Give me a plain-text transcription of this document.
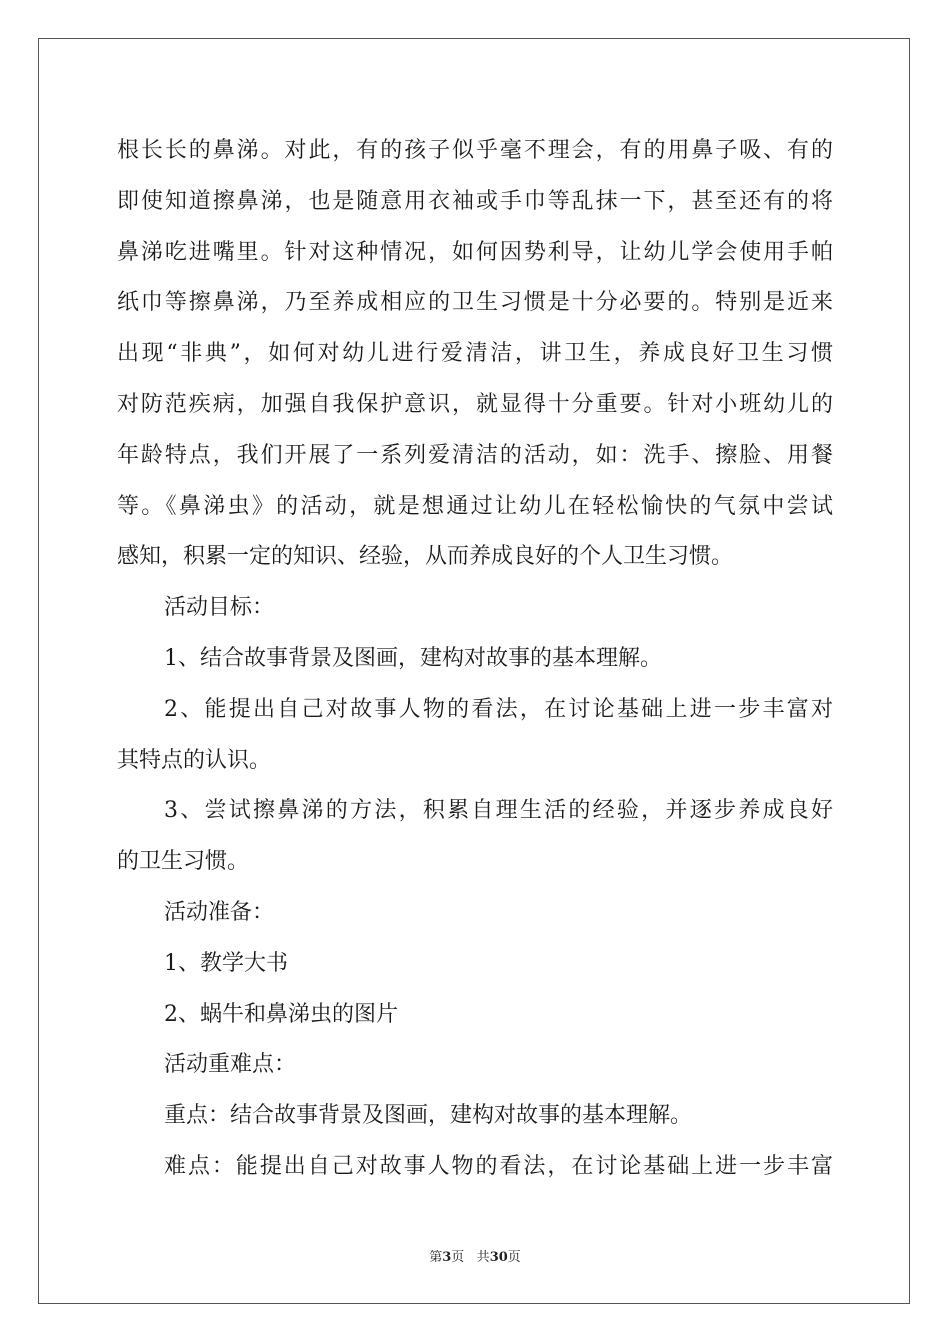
根长长的鼻涕。对此，有的孩子似乎毫不理会，有的用鼻子吸、有的
即使知道擦鼻涕，也是随意用衣袖或手巾等乱抹一下，甚至还有的将
鼻涕吃进嘴里。针对这种情况，如何因势利导，让幼儿学会使用手帕
纸巾等擦鼻涕，乃至养成相应的卫生习惯是十分必要的。特别是近来
出现“非典”，如何对幼儿进行爱清洁，讲卫生，养成良好卫生习惯
对防范疾病，加强自我保护意识，就显得十分重要。针对小班幼儿的
年龄特点，我们开展了一系列爱清洁的活动，如：洗手、擦脸、用餐
等。《鼻涕虫》的活动，就是想通过让幼儿在轻松愉快的气氛中尝试
感知，积累一定的知识、经验，从而养成良好的个人卫生习惯。
活动目标：
1、结合故事背景及图画，建构对故事的基本理解。
2、能提出自己对故事人物的看法，在讨论基础上进一步丰富对
其特点的认识。
3、尝试擦鼻涕的方法，积累自理生活的经验，并逐步养成良好
的卫生习惯。
活动准备：
1、教学大书
2、蜗牛和鼻涕虫的图片
活动重难点：
重点：结合故事背景及图画，建构对故事的基本理解。
难点：能提出自己对故事人物的看法，在讨论基础上进一步丰富
第3页 共30页
